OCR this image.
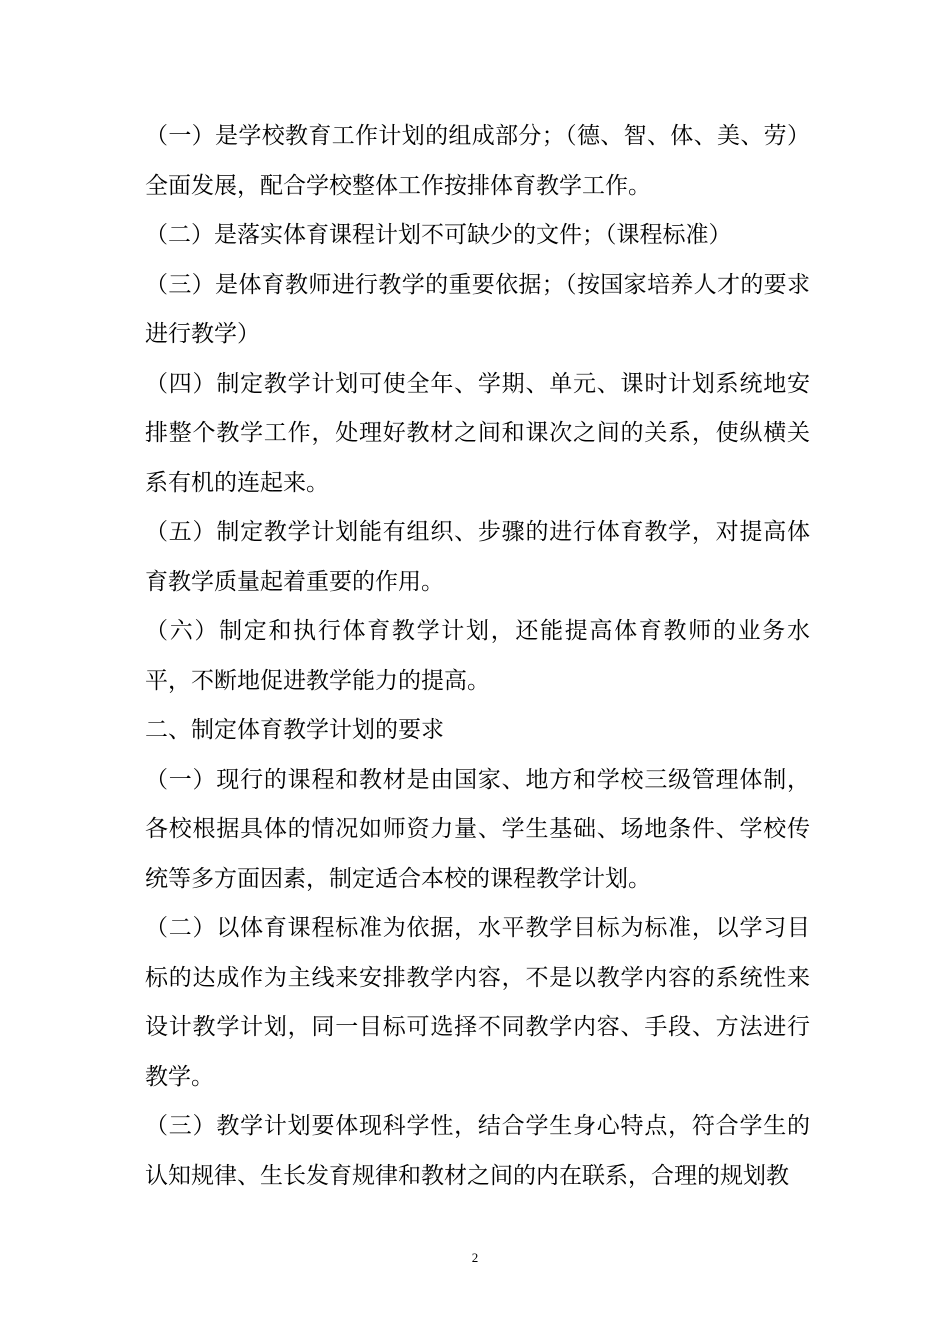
（一）是学校教育工作计划的组成部分；（德、智、体、美、劳）全面发展，配合学校整体工作按排体育教学工作。

（二）是落实体育课程计划不可缺少的文件；（课程标准）

（三）是体育教师进行教学的重要依据；（按国家培养人才的要求进行教学）

（四）制定教学计划可使全年、学期、单元、课时计划系统地安排整个教学工作，处理好教材之间和课次之间的关系，使纵横关系有机的连起来。

（五）制定教学计划能有组织、步骤的进行体育教学，对提高体育教学质量起着重要的作用。

（六）制定和执行体育教学计划，还能提高体育教师的业务水平，不断地促进教学能力的提高。

二、制定体育教学计划的要求

（一）现行的课程和教材是由国家、地方和学校三级管理体制，各校根据具体的情况如师资力量、学生基础、场地条件、学校传统等多方面因素，制定适合本校的课程教学计划。

（二）以体育课程标准为依据，水平教学目标为标准，以学习目标的达成作为主线来安排教学内容，不是以教学内容的系统性来设计教学计划，同一目标可选择不同教学内容、手段、方法进行教学。

（三）教学计划要体现科学性，结合学生身心特点，符合学生的认知规律、生长发育规律和教材之间的内在联系，合理的规划教

2
